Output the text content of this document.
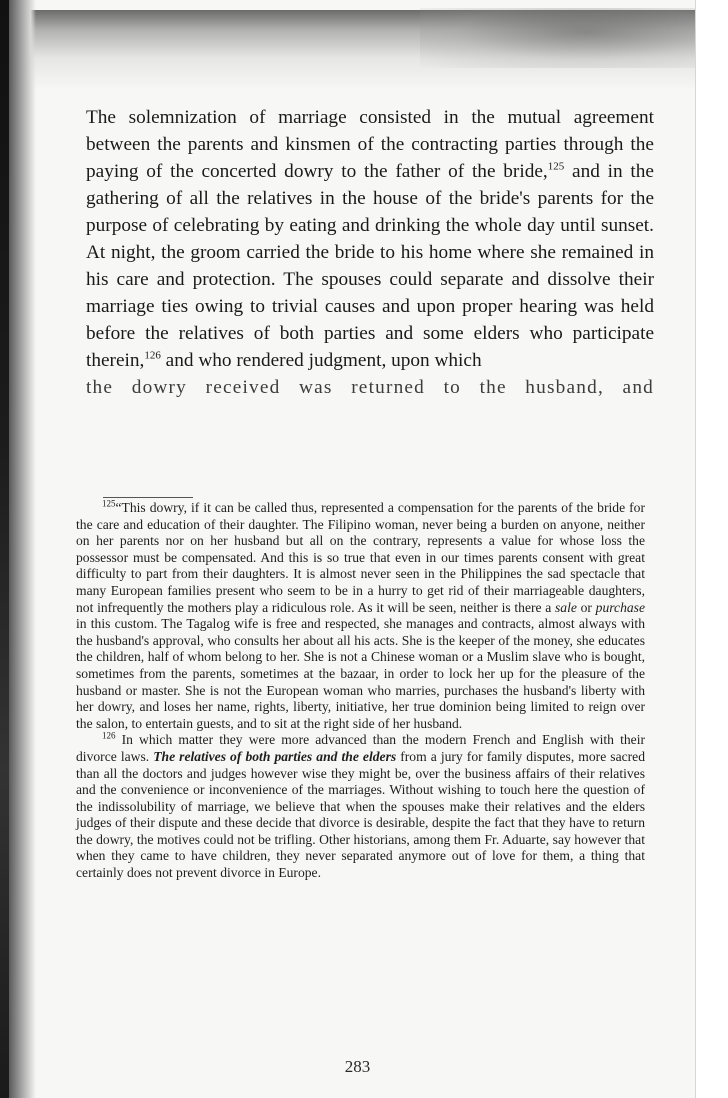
The solemnization of marriage consisted in the mutual agreement between the parents and kinsmen of the contracting parties through the paying of the concerted dowry to the father of the bride,$^{125}$ and in the gathering of all the relatives in the house of the bride's parents for the purpose of celebrating by eating and drinking the whole day until sunset. At night, the groom carried the bride to his home where she remained in his care and protection. The spouses could separate and dissolve their marriage ties owing to trivial causes and upon proper hearing was held before the relatives of both parties and some elders who participate therein,$^{126}$ and who rendered judgment, upon which
the dowry received was returned to the husband, and

$^{125}$“This dowry, if it can be called thus, represented a compensation for the parents of the bride for the care and education of their daughter. The Filipino woman, never being a burden on anyone, neither on her parents nor on her husband but all on the contrary, represents a value for whose loss the possessor must be compensated. And this is so true that even in our times parents consent with great difficulty to part from their daughters. It is almost never seen in the Philippines the sad spectacle that many European families present who seem to be in a hurry to get rid of their marriageable daughters, not infrequently the mothers play a ridiculous role. As it will be seen, neither is there a sale or purchase in this custom. The Tagalog wife is free and respected, she manages and contracts, almost always with the husband's approval, who consults her about all his acts. She is the keeper of the money, she educates the children, half of whom belong to her. She is not a Chinese woman or a Muslim slave who is bought, sometimes from the parents, sometimes at the bazaar, in order to lock her up for the pleasure of the husband or master. She is not the European woman who marries, purchases the husband's liberty with her dowry, and loses her name, rights, liberty, initiative, her true dominion being limited to reign over the salon, to entertain guests, and to sit at the right side of her husband.

$^{126}$ In which matter they were more advanced than the modern French and English with their divorce laws. The relatives of both parties and the elders from a jury for family disputes, more sacred than all the doctors and judges however wise they might be, over the business affairs of their relatives and the convenience or inconvenience of the marriages. Without wishing to touch here the question of the indissolubility of marriage, we believe that when the spouses make their relatives and the elders judges of their dispute and these decide that divorce is desirable, despite the fact that they have to return the dowry, the motives could not be trifling. Other historians, among them Fr. Aduarte, say however that when they came to have children, they never separated anymore out of love for them, a thing that certainly does not prevent divorce in Europe.

283
